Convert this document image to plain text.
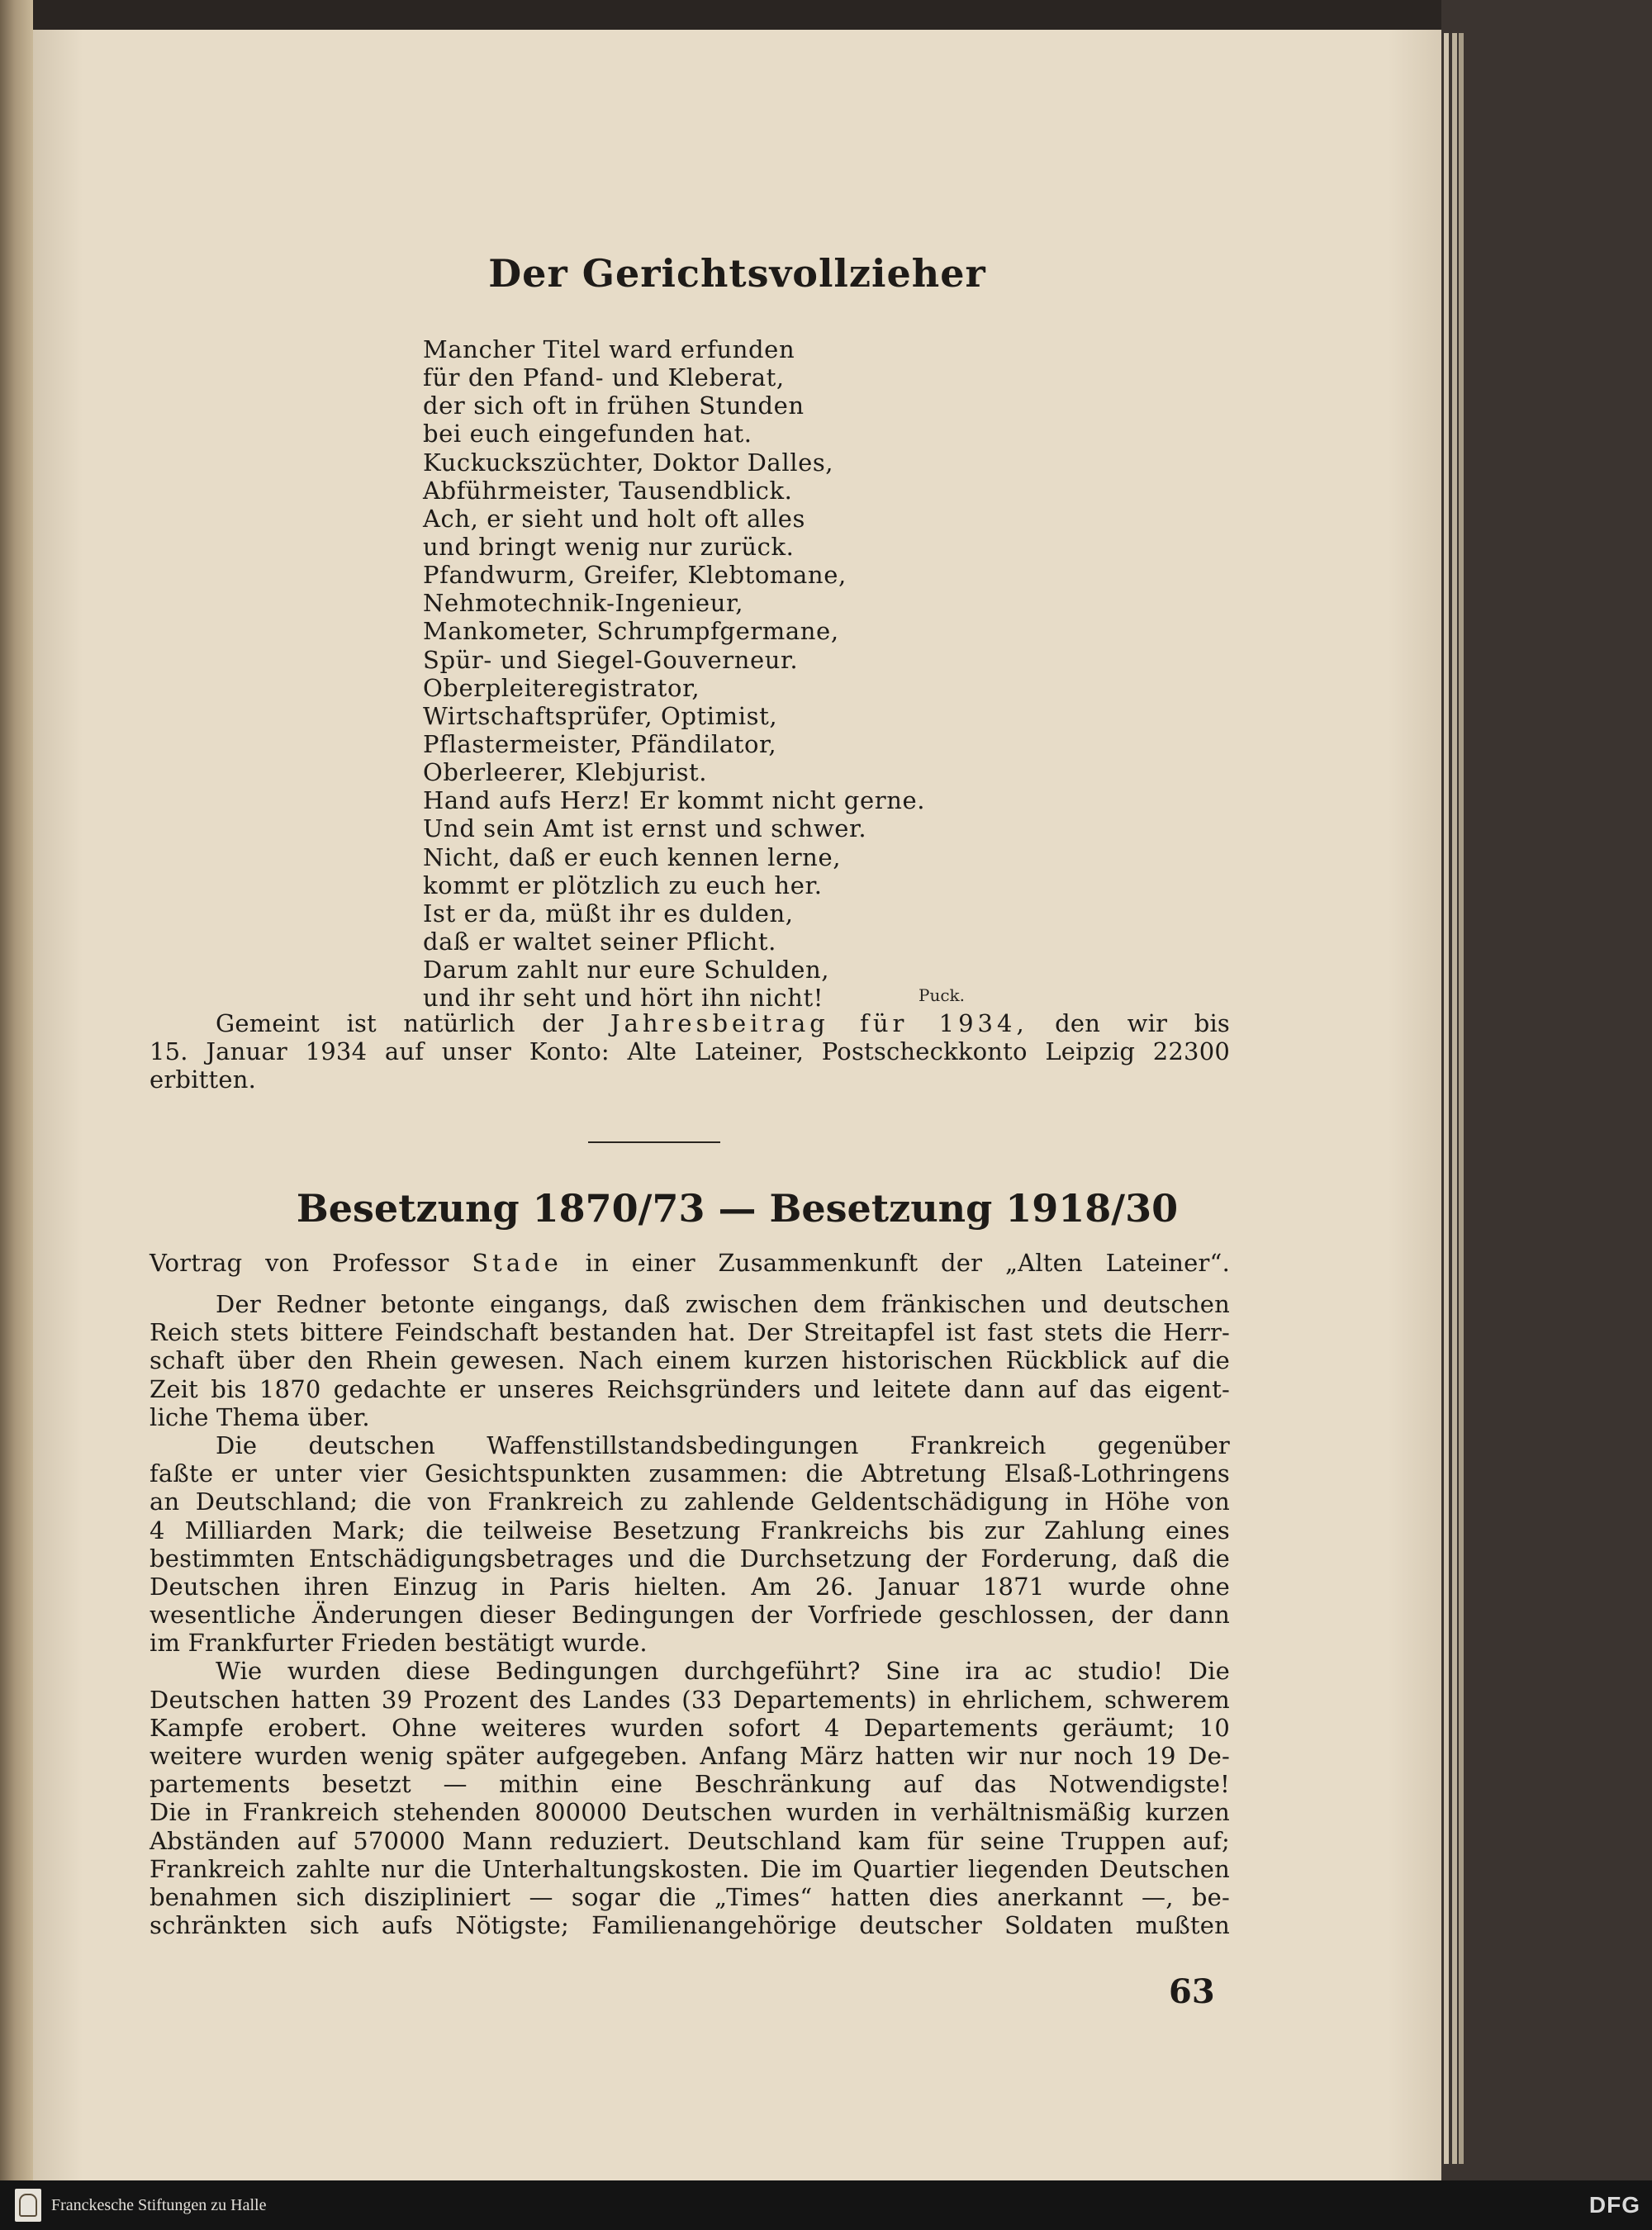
Der Gerichtsvollzieher
Mancher Titel ward erfunden
für den Pfand- und Kleberat,
der sich oft in frühen Stunden
bei euch eingefunden hat.
Kuckuckszüchter, Doktor Dalles,
Abführmeister, Tausendblick.
Ach, er sieht und holt oft alles
und bringt wenig nur zurück.
Pfandwurm, Greifer, Klebtomane,
Nehmotechnik-Ingenieur,
Mankometer, Schrumpfgermane,
Spür- und Siegel-Gouverneur.
Oberpleiteregistrator,
Wirtschaftsprüfer, Optimist,
Pflastermeister, Pfändilator,
Oberleerer, Klebjurist.
Hand aufs Herz! Er kommt nicht gerne.
Und sein Amt ist ernst und schwer.
Nicht, daß er euch kennen lerne,
kommt er plötzlich zu euch her.
Ist er da, müßt ihr es dulden,
daß er waltet seiner Pflicht.
Darum zahlt nur eure Schulden,
und ihr seht und hört ihn nicht!	Puck.
Gemeint ist natürlich der Jahresbeitrag für 1934, den wir bis
15. Januar 1934 auf unser Konto: Alte Lateiner, Postscheckkonto Leipzig 22300
erbitten.
Besetzung 1870/73 — Besetzung 1918/30
Vortrag von Professor Stade in einer Zusammenkunft der „Alten Lateiner“.
Der Redner betonte eingangs, daß zwischen dem fränkischen und deutschen
Reich stets bittere Feindschaft bestanden hat. Der Streitapfel ist fast stets die Herr-
schaft über den Rhein gewesen. Nach einem kurzen historischen Rückblick auf die
Zeit bis 1870 gedachte er unseres Reichsgründers und leitete dann auf das eigent-
liche Thema über.
Die deutschen Waffenstillstandsbedingungen Frankreich gegenüber
faßte er unter vier Gesichtspunkten zusammen: die Abtretung Elsaß-Lothringens
an Deutschland; die von Frankreich zu zahlende Geldentschädigung in Höhe von
4 Milliarden Mark; die teilweise Besetzung Frankreichs bis zur Zahlung eines
bestimmten Entschädigungsbetrages und die Durchsetzung der Forderung, daß die
Deutschen ihren Einzug in Paris hielten. Am 26. Januar 1871 wurde ohne
wesentliche Änderungen dieser Bedingungen der Vorfriede geschlossen, der dann
im Frankfurter Frieden bestätigt wurde.
Wie wurden diese Bedingungen durchgeführt? Sine ira ac studio! Die
Deutschen hatten 39 Prozent des Landes (33 Departements) in ehrlichem, schwerem
Kampfe erobert. Ohne weiteres wurden sofort 4 Departements geräumt; 10
weitere wurden wenig später aufgegeben. Anfang März hatten wir nur noch 19 De-
partements besetzt — mithin eine Beschränkung auf das Notwendigste!
Die in Frankreich stehenden 800000 Deutschen wurden in verhältnismäßig kurzen
Abständen auf 570000 Mann reduziert. Deutschland kam für seine Truppen auf;
Frankreich zahlte nur die Unterhaltungskosten. Die im Quartier liegenden Deutschen
benahmen sich diszipliniert — sogar die „Times“ hatten dies anerkannt —, be-
schränkten sich aufs Nötigste; Familienangehörige deutscher Soldaten mußten
63
Franckesche Stiftungen zu Halle	DFG
